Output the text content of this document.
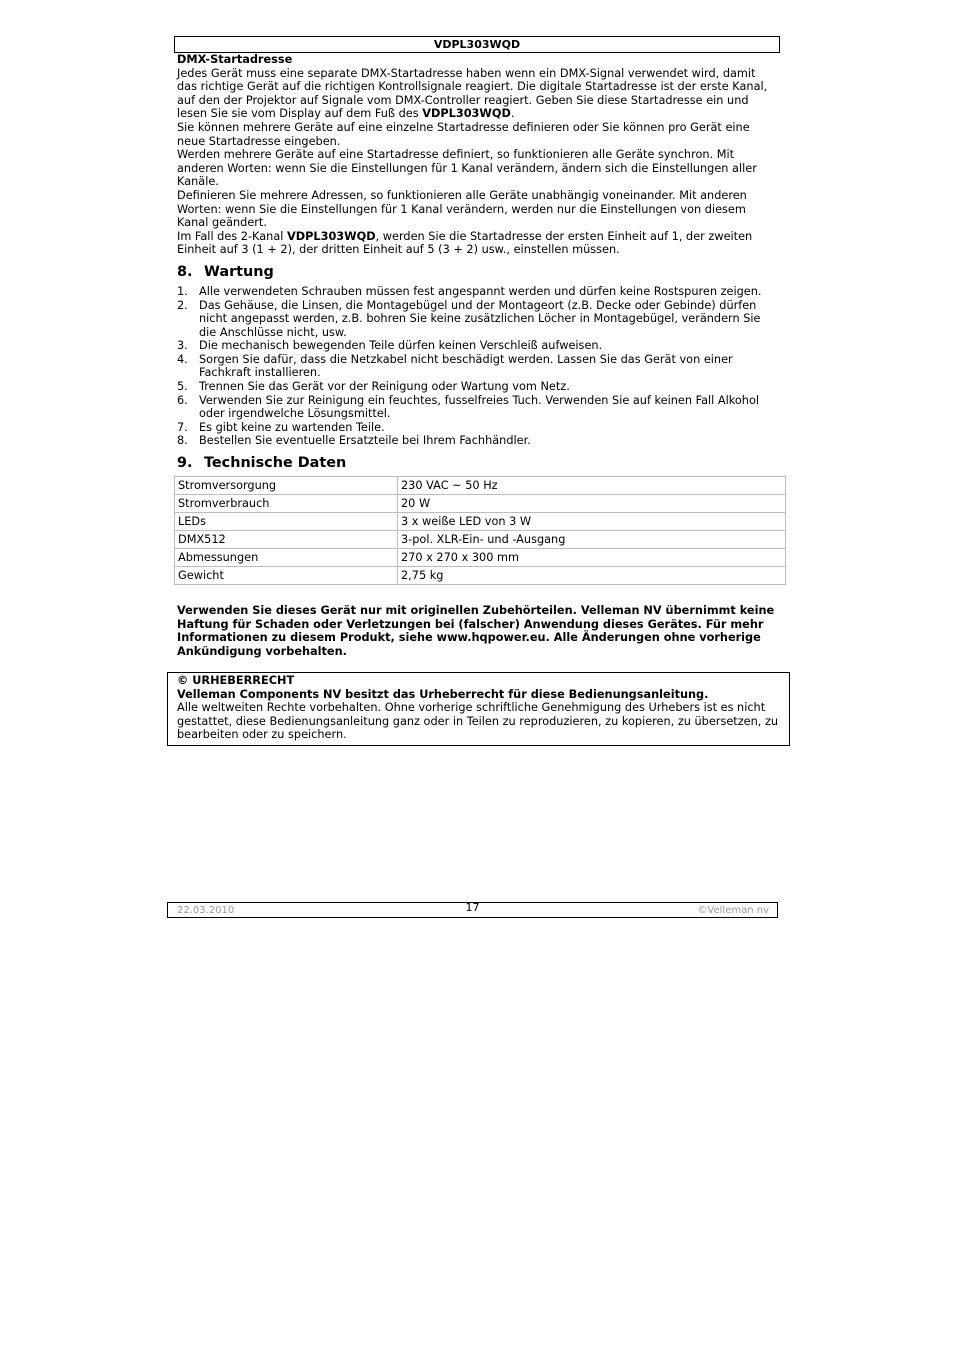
VDPL303WQD

DMX-Startadresse

Jedes Gerät muss eine separate DMX-Startadresse haben wenn ein DMX-Signal verwendet wird, damit das richtige Gerät auf die richtigen Kontrollsignale reagiert. Die digitale Startadresse ist der erste Kanal, auf den der Projektor auf Signale vom DMX-Controller reagiert. Geben Sie diese Startadresse ein und lesen Sie sie vom Display auf dem Fuß des VDPL303WQD.

Sie können mehrere Geräte auf eine einzelne Startadresse definieren oder Sie können pro Gerät eine neue Startadresse eingeben.

Werden mehrere Geräte auf eine Startadresse definiert, so funktionieren alle Geräte synchron. Mit anderen Worten: wenn Sie die Einstellungen für 1 Kanal verändern, ändern sich die Einstellungen aller Kanäle.

Definieren Sie mehrere Adressen, so funktionieren alle Geräte unabhängig voneinander. Mit anderen Worten: wenn Sie die Einstellungen für 1 Kanal verändern, werden nur die Einstellungen von diesem Kanal geändert.

Im Fall des 2-Kanal VDPL303WQD, werden Sie die Startadresse der ersten Einheit auf 1, der zweiten Einheit auf 3 (1 + 2), der dritten Einheit auf 5 (3 + 2) usw., einstellen müssen.

8. Wartung
1. Alle verwendeten Schrauben müssen fest angespannt werden und dürfen keine Rostspuren zeigen.
2. Das Gehäuse, die Linsen, die Montagebügel und der Montageort (z.B. Decke oder Gebinde) dürfen nicht angepasst werden, z.B. bohren Sie keine zusätzlichen Löcher in Montagebügel, verändern Sie die Anschlüsse nicht, usw.
3. Die mechanisch bewegenden Teile dürfen keinen Verschleiß aufweisen.
4. Sorgen Sie dafür, dass die Netzkabel nicht beschädigt werden. Lassen Sie das Gerät von einer Fachkraft installieren.
5. Trennen Sie das Gerät vor der Reinigung oder Wartung vom Netz.
6. Verwenden Sie zur Reinigung ein feuchtes, fusselfreies Tuch. Verwenden Sie auf keinen Fall Alkohol oder irgendwelche Lösungsmittel.
7. Es gibt keine zu wartenden Teile.
8. Bestellen Sie eventuelle Ersatzteile bei Ihrem Fachhändler.
9. Technische Daten
Stromversorgung	230 VAC ~ 50 Hz
Stromverbrauch	20 W
LEDs	3 x weiße LED von 3 W
DMX512	3-pol. XLR-Ein- und -Ausgang
Abmessungen	270 x 270 x 300 mm
Gewicht	2,75 kg

Verwenden Sie dieses Gerät nur mit originellen Zubehörteilen. Velleman NV übernimmt keine Haftung für Schaden oder Verletzungen bei (falscher) Anwendung dieses Gerätes. Für mehr Informationen zu diesem Produkt, siehe www.hqpower.eu. Alle Änderungen ohne vorherige Ankündigung vorbehalten.

© URHEBERRECHT
Velleman Components NV besitzt das Urheberrecht für diese Bedienungsanleitung.
Alle weltweiten Rechte vorbehalten. Ohne vorherige schriftliche Genehmigung des Urhebers ist es nicht gestattet, diese Bedienungsanleitung ganz oder in Teilen zu reproduzieren, zu kopieren, zu übersetzen, zu bearbeiten oder zu speichern.
22.03.2010	17	©Velleman nv
